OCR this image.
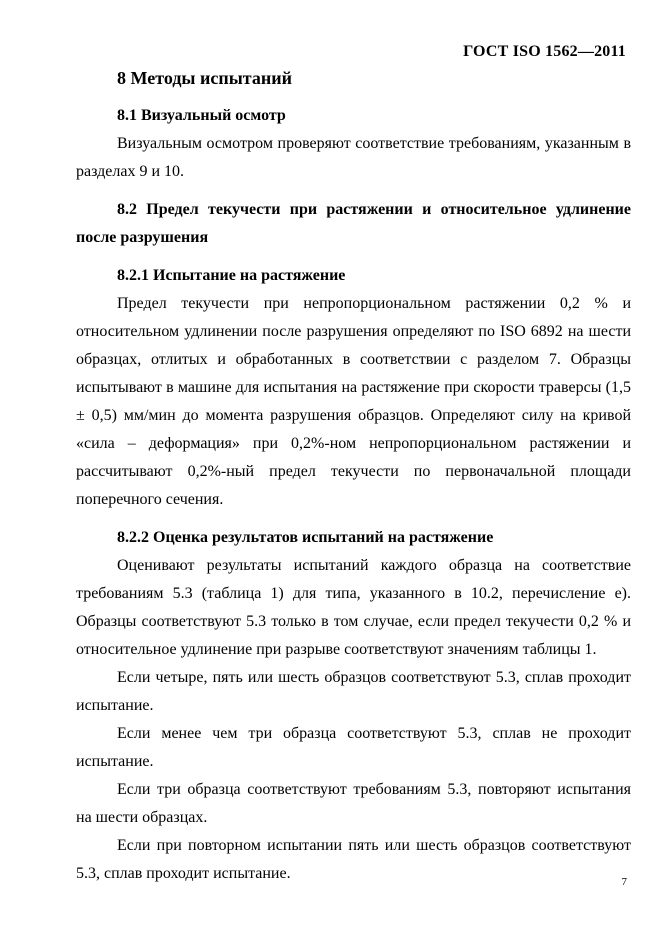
ГОСТ ISO 1562—2011
8 Методы испытаний
8.1 Визуальный осмотр

Визуальным осмотром проверяют соответствие требованиям, указанным в разделах 9 и 10.

8.2 Предел текучести при растяжении и относительное удлинение после разрушения
8.2.1 Испытание на растяжение

Предел текучести при непропорциональном растяжении 0,2 % и относительном удлинении после разрушения определяют по ISO 6892 на шести образцах, отлитых и обработанных в соответствии с разделом 7. Образцы испытывают в машине для испытания на растяжение при скорости траверсы (1,5 ± 0,5) мм/мин до момента разрушения образцов. Определяют силу на кривой «сила – деформация» при 0,2%-ном непропорциональном растяжении и рассчитывают 0,2%-ный предел текучести по первоначальной площади поперечного сечения.

8.2.2 Оценка результатов испытаний на растяжение

Оценивают результаты испытаний каждого образца на соответствие требованиям 5.3 (таблица 1) для типа, указанного в 10.2, перечисление е). Образцы соответствуют 5.3 только в том случае, если предел текучести 0,2 % и относительное удлинение при разрыве соответствуют значениям таблицы 1.

Если четыре, пять или шесть образцов соответствуют 5.3, сплав проходит испытание.

Если менее чем три образца соответствуют 5.3, сплав не проходит испытание.

Если три образца соответствуют требованиям 5.3, повторяют испытания на шести образцах.

Если при повторном испытании пять или шесть образцов соответствуют 5.3, сплав проходит испытание.	7
